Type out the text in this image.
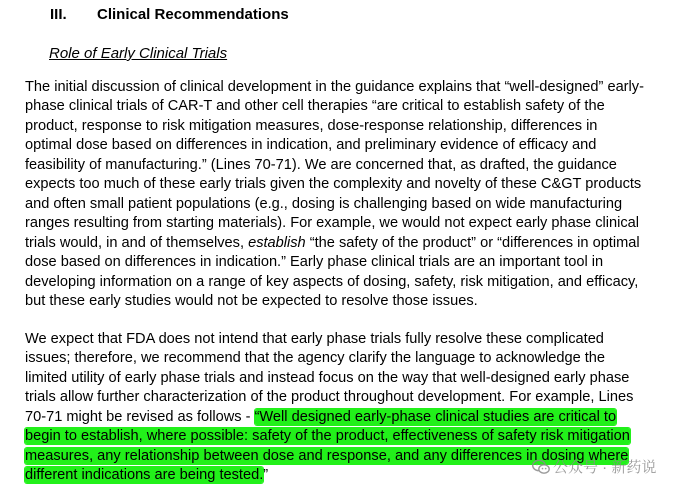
III. Clinical Recommendations
Role of Early Clinical Trials
The initial discussion of clinical development in the guidance explains that “well-designed” early-
phase clinical trials of CAR-T and other cell therapies “are critical to establish safety of the
product, response to risk mitigation measures, dose-response relationship, differences in
optimal dose based on differences in indication, and preliminary evidence of efficacy and
feasibility of manufacturing.” (Lines 70-71). We are concerned that, as drafted, the guidance
expects too much of these early trials given the complexity and novelty of these C&GT products
and often small patient populations (e.g., dosing is challenging based on wide manufacturing
ranges resulting from starting materials). For example, we would not expect early phase clinical
trials would, in and of themselves, establish “the safety of the product” or “differences in optimal
dose based on differences in indication.” Early phase clinical trials are an important tool in
developing information on a range of key aspects of dosing, safety, risk mitigation, and efficacy,
but these early studies would not be expected to resolve those issues.
We expect that FDA does not intend that early phase trials fully resolve these complicated
issues; therefore, we recommend that the agency clarify the language to acknowledge the
limited utility of early phase trials and instead focus on the way that well-designed early phase
trials allow further characterization of the product throughout development. For example, Lines
70-71 might be revised as follows - “Well designed early-phase clinical studies are critical to
begin to establish, where possible: safety of the product, effectiveness of safety risk mitigation
measures, any relationship between dose and response, and any differences in dosing where
different indications are being tested.”	公众号 · 新药说
